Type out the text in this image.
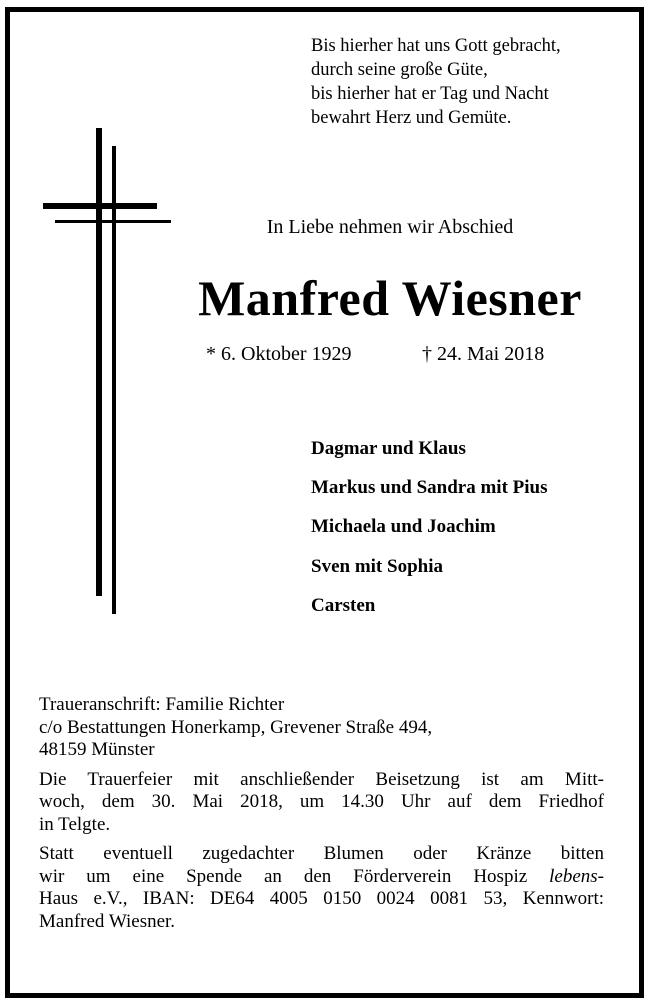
Bis hierher hat uns Gott gebracht,
durch seine große Güte,
bis hierher hat er Tag und Nacht
bewahrt Herz und Gemüte.
In Liebe nehmen wir Abschied
Manfred Wiesner
* 6. Oktober 1929	† 24. Mai 2018
Dagmar und Klaus
Markus und Sandra mit Pius
Michaela und Joachim
Sven mit Sophia
Carsten
Traueranschrift: Familie Richter
c/o Bestattungen Honerkamp, Grevener Straße 494,
48159 Münster
Die Trauerfeier mit anschließender Beisetzung ist am Mitt-
woch, dem 30. Mai 2018, um 14.30 Uhr auf dem Friedhof
in Telgte.
Statt eventuell zugedachter Blumen oder Kränze bitten
wir um eine Spende an den Förderverein Hospiz lebens-
Haus e.V., IBAN: DE64 4005 0150 0024 0081 53, Kennwort:
Manfred Wiesner.
